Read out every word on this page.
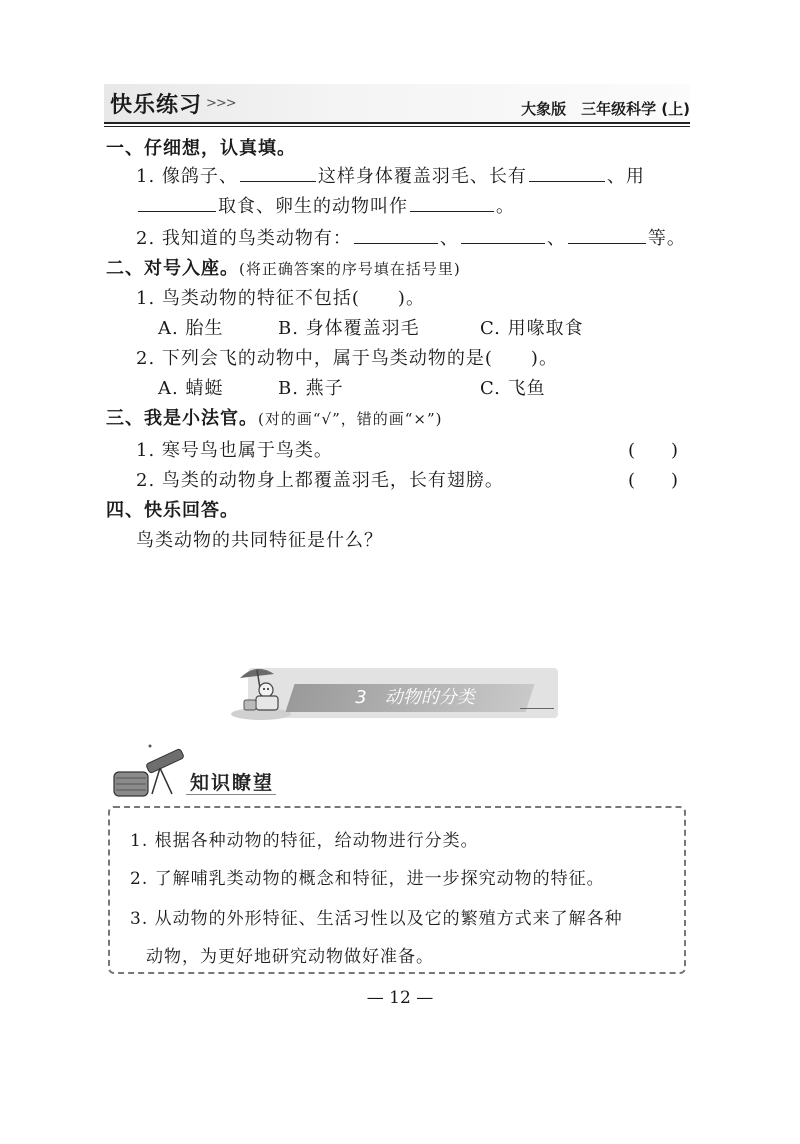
快乐练习 >>>	大象版　三年级科学 (上)
一、仔细想，认真填。
1. 像鸽子、	这样身体覆盖羽毛、长有	、用
取食、卵生的动物叫作	。
2. 我知道的鸟类动物有：	、	、	等。
二、对号入座。(将正确答案的序号填在括号里)
1. 鸟类动物的特征不包括(　　)。
A. 胎生	B. 身体覆盖羽毛	C. 用喙取食
2. 下列会飞的动物中，属于鸟类动物的是(　　)。
A. 蜻蜓	B. 燕子	C. 飞鱼
三、我是小法官。(对的画“√”，错的画“×”)
1. 寒号鸟也属于鸟类。	(　　)
2. 鸟类的动物身上都覆盖羽毛，长有翅膀。	(　　)
四、快乐回答。
鸟类动物的共同特征是什么？
3　动物的分类
知识瞭望
1. 根据各种动物的特征，给动物进行分类。
2. 了解哺乳类动物的概念和特征，进一步探究动物的特征。
3. 从动物的外形特征、生活习性以及它的繁殖方式来了解各种
动物，为更好地研究动物做好准备。
— 12 —
